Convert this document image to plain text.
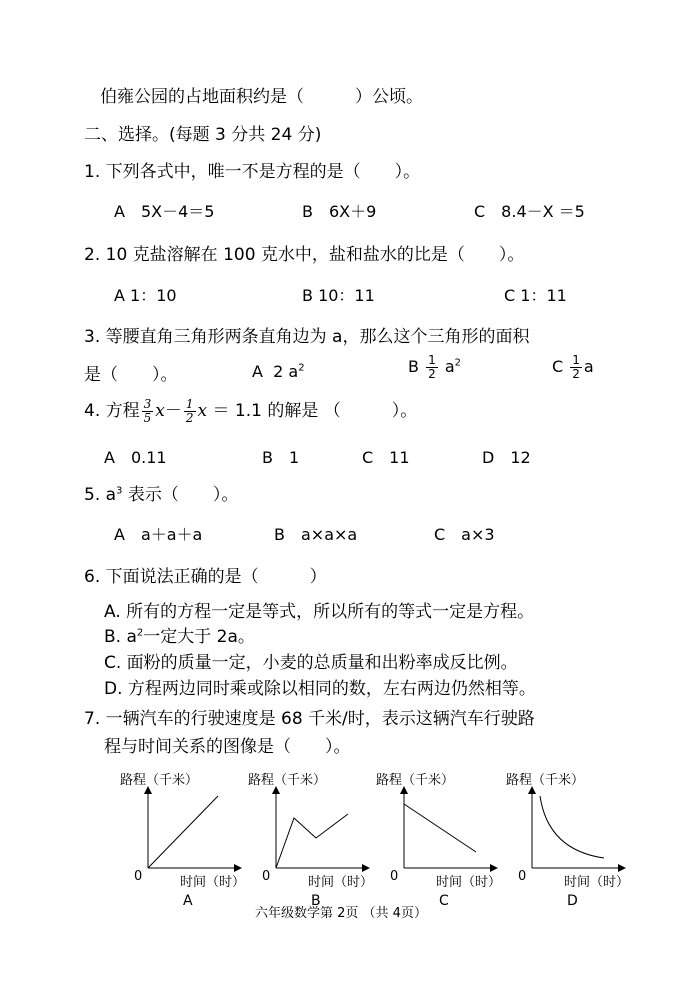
伯雍公园的占地面积约是（　　　）公顷。
二、选择。(每题 3 分共 24 分)
1. 下列各式中，唯一不是方程的是（　　）。
A　5X－4＝5	B　6X＋9	C　8.4－X ＝5
2. 10 克盐溶解在 100 克水中，盐和盐水的比是（　　）。
A 1：10	B 10：11	C 1：11
3. 等腰直角三角形两条直角边为 a，那么这个三角形的面积
是（　　）。	A 2 $a^2$	B $\frac{1}{2} a^2$	C $\frac{1}{2}$ a
4. 方程 $\frac{3}{5} x- \frac{1}{2}$ x ＝ 1.1 的解是 （　　　）。
A　0.11	B　1	C　11	D　12
5. $a^3$ 表示（　　）。
A　a＋a＋a	B　a×a×a	C　a×3
6. 下面说法正确的是（　　　）
A. 所有的方程一定是等式，所以所有的等式一定是方程。
B. $a^2$一定大于 2a。
C. 面粉的质量一定，小麦的总质量和出粉率成反比例。
D. 方程两边同时乘或除以相同的数，左右两边仍然相等。
7. 一辆汽车的行驶速度是 68 千米/时，表示这辆汽车行驶路
程与时间关系的图像是（　　）。
路程（千米）
0	时间（时）
A
路程（千米）
0	时间（时）
B
路程（千米）
0	时间（时）
C
路程（千米）
0	时间（时）
D
六年级数学第 2页 （共 4页）
